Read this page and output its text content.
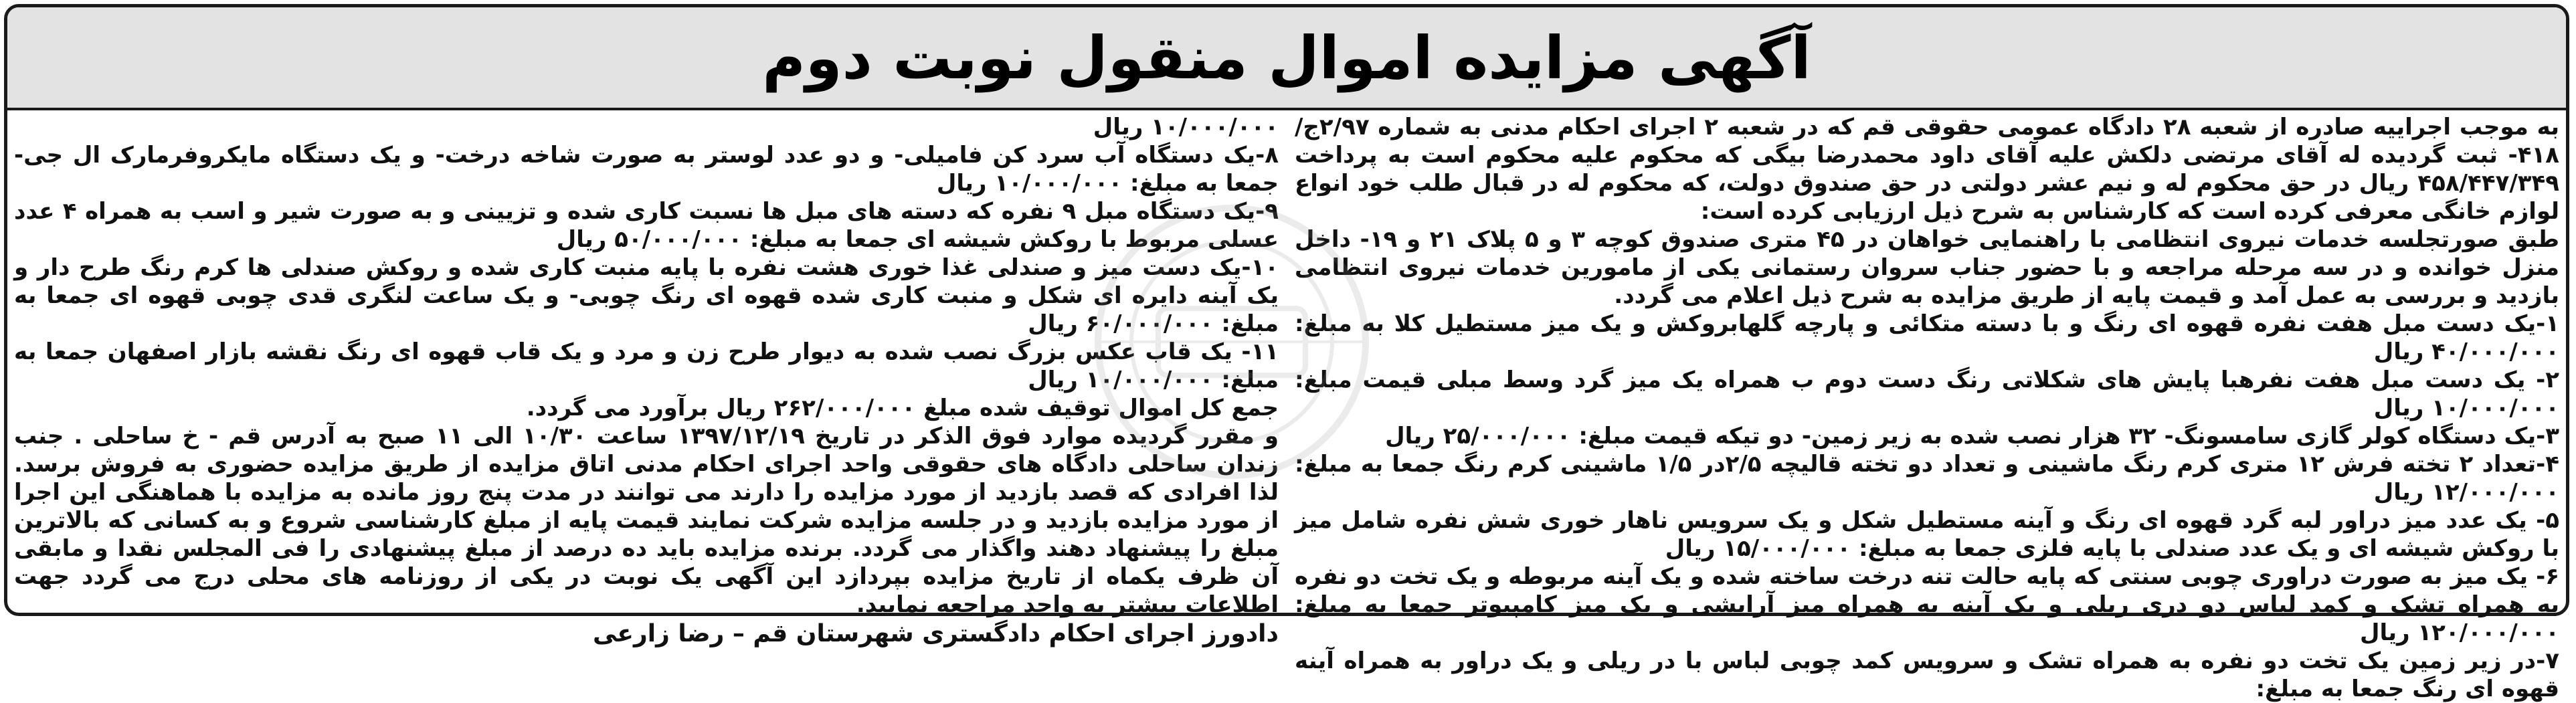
آگهی مزایده اموال منقول نوبت دوم

به موجب اجراییه صادره از شعبه ۲۸ دادگاه عمومی حقوقی قم که در شعبه ۲ اجرای احکام مدنی به شماره ۲/۹۷ج/۴۱۸- ثبت گردیده له آقای مرتضی دلکش علیه آقای داود محمدرضا بیگی که محکوم علیه محکوم است به پرداخت ۴۵۸/۴۴۷/۳۴۹ ریال در حق محکوم له و نیم عشر دولتی در حق صندوق دولت، که محکوم له در قبال طلب خود انواع لوازم خانگی معرفی کرده است که کارشناس به شرح ذیل ارزیابی کرده است:

طبق صورتجلسه خدمات نیروی انتظامی با راهنمایی خواهان در ۴۵ متری صندوق کوچه ۳ و ۵ پلاک ۲۱ و ۱۹- داخل منزل خوانده و در سه مرحله مراجعه و با حضور جناب سروان رستمانی یکی از مامورین خدمات نیروی انتظامی بازدید و بررسی به عمل آمد و قیمت پایه از طریق مزایده به شرح ذیل اعلام می گردد.

۱-یک دست مبل هفت نفره قهوه ای رنگ و با دسته متکائی و پارچه گلهابروکش و یک میز مستطیل کلا به مبلغ: ۴۰/۰۰۰/۰۰۰ ریال

۲- یک دست مبل هفت نفرهبا پایش های شکلاتی رنگ دست دوم ب همراه یک میز گرد وسط مبلی قیمت مبلغ: ۱۰/۰۰۰/۰۰۰ ریال

۳-یک دستگاه کولر گازی سامسونگ- ۳۲ هزار نصب شده به زیر زمین- دو تیکه قیمت مبلغ: ۲۵/۰۰۰/۰۰۰ ریال

۴-تعداد ۲ تخته فرش ۱۲ متری کرم رنگ ماشینی و تعداد دو تخته قالیچه ۲/۵در ۱/۵ ماشینی کرم رنگ جمعا به مبلغ: ۱۲/۰۰۰/۰۰۰ ریال

۵- یک عدد میز دراور لبه گرد قهوه ای رنگ و آینه مستطیل شکل و یک سرویس ناهار خوری شش نفره شامل میز با روکش شیشه ای و یک عدد صندلی با پایه فلزی جمعا به مبلغ: ۱۵/۰۰۰/۰۰۰ ریال

۶- یک میز به صورت دراوری چوبی سنتی که پایه حالت تنه درخت ساخته شده و یک آینه مربوطه و یک تخت دو نفره به همراه تشک و کمد لباس دو دری ریلی و یک آینه به همراه میز آرایشی و یک میز کامپیوتر جمعا به مبلغ: ۱۲۰/۰۰۰/۰۰۰ ریال

۷-در زیر زمین یک تخت دو نفره به همراه تشک و سرویس کمد چوبی لباس با در ریلی و یک دراور به همراه آینه قهوه ای رنگ جمعا به مبلغ:

۱۰/۰۰۰/۰۰۰ ریال

۸-یک دستگاه آب سرد کن فامیلی- و دو عدد لوستر به صورت شاخه درخت- و یک دستگاه مایکروفرمارک ال جی- جمعا به مبلغ: ۱۰/۰۰۰/۰۰۰ ریال

۹-یک دستگاه مبل ۹ نفره که دسته های مبل ها نسبت کاری شده و تزیینی و به صورت شیر و اسب به همراه ۴ عدد عسلی مربوط با روکش شیشه ای جمعا به مبلغ: ۵۰/۰۰۰/۰۰۰ ریال

۱۰-یک دست میز و صندلی غذا خوری هشت نفره با پایه منبت کاری شده و روکش صندلی ها کرم رنگ طرح دار و یک آینه دایره ای شکل و منبت کاری شده قهوه ای رنگ چوبی- و یک ساعت لنگری قدی چوبی قهوه ای جمعا به مبلغ: ۶۰/۰۰۰/۰۰۰ ریال

۱۱- یک قاب عکس بزرگ نصب شده به دیوار طرح زن و مرد و یک قاب قهوه ای رنگ نقشه بازار اصفهان جمعا به مبلغ: ۱۰/۰۰۰/۰۰۰ ریال

جمع کل اموال توقیف شده مبلغ ۲۶۲/۰۰۰/۰۰۰ ریال برآورد می گردد.

و مقرر گردیده موارد فوق الذکر در تاریخ ۱۳۹۷/۱۲/۱۹ ساعت ۱۰/۳۰ الی ۱۱ صبح به آدرس قم - خ ساحلی . جنب زندان ساحلی دادگاه های حقوقی واحد اجرای احکام مدنی اتاق مزایده از طریق مزایده حضوری به فروش برسد. لذا افرادی که قصد بازدید از مورد مزایده را دارند می توانند در مدت پنج روز مانده به مزایده با هماهنگی این اجرا از مورد مزایده بازدید و در جلسه مزایده شرکت نمایند قیمت پایه از مبلغ کارشناسی شروع و به کسانی که بالاترین مبلغ را پیشنهاد دهند واگذار می گردد. برنده مزایده باید ده درصد از مبلغ پیشنهادی را فی المجلس نقدا و مابقی آن ظرف یکماه از تاریخ مزایده بپردازد این آگهی یک نوبت در یکی از روزنامه های محلی درج می گردد جهت اطلاعات بیشتر به واحد مراجعه نمایید.

دادورز اجرای احکام دادگستری شهرستان قم – رضا زارعی
